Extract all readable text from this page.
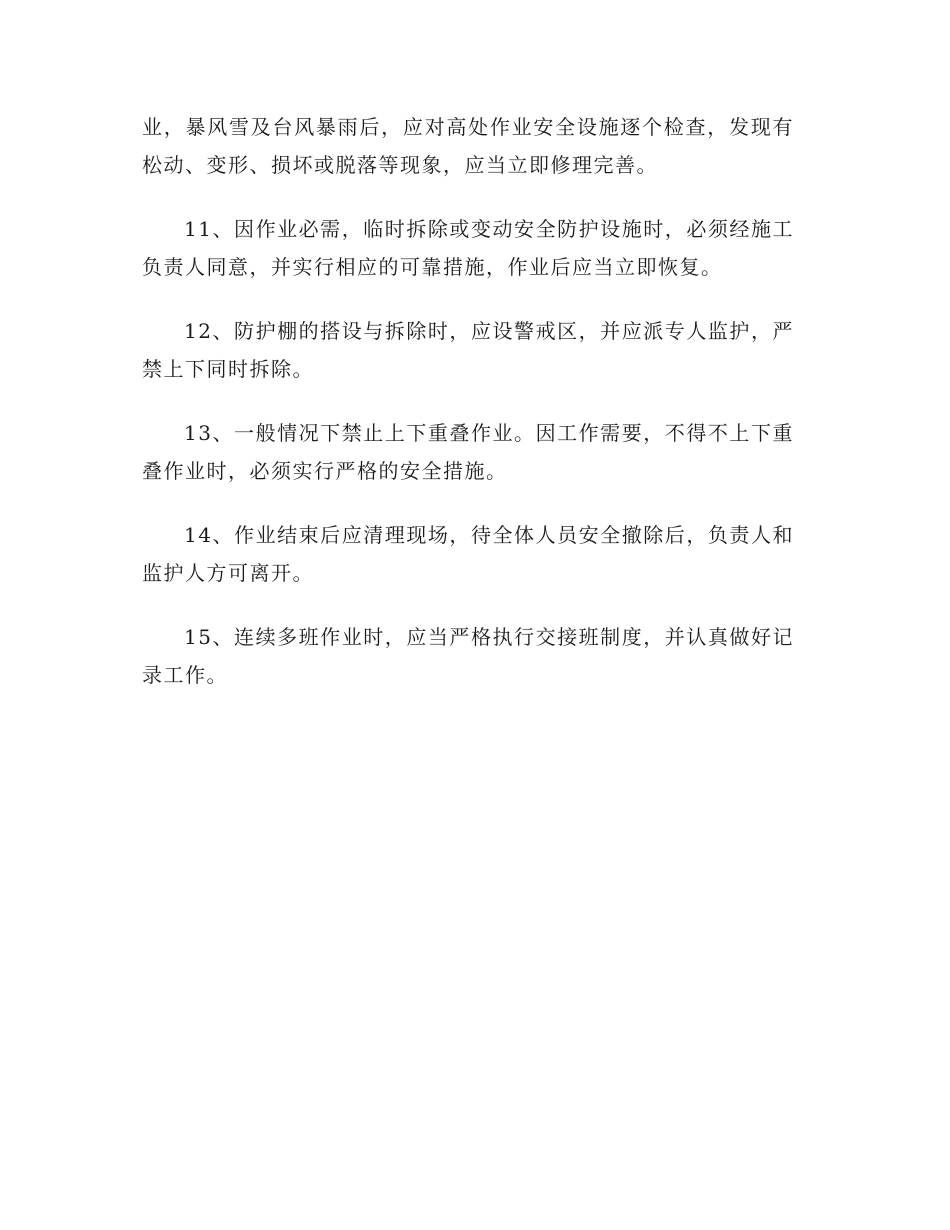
业，暴风雪及台风暴雨后，应对高处作业安全设施逐个检查，发现有松动、变形、损坏或脱落等现象，应当立即修理完善。

11、因作业必需，临时拆除或变动安全防护设施时，必须经施工负责人同意，并实行相应的可靠措施，作业后应当立即恢复。

12、防护棚的搭设与拆除时，应设警戒区，并应派专人监护，严禁上下同时拆除。

13、一般情况下禁止上下重叠作业。因工作需要，不得不上下重叠作业时，必须实行严格的安全措施。

14、作业结束后应清理现场，待全体人员安全撤除后，负责人和监护人方可离开。

15、连续多班作业时，应当严格执行交接班制度，并认真做好记录工作。
